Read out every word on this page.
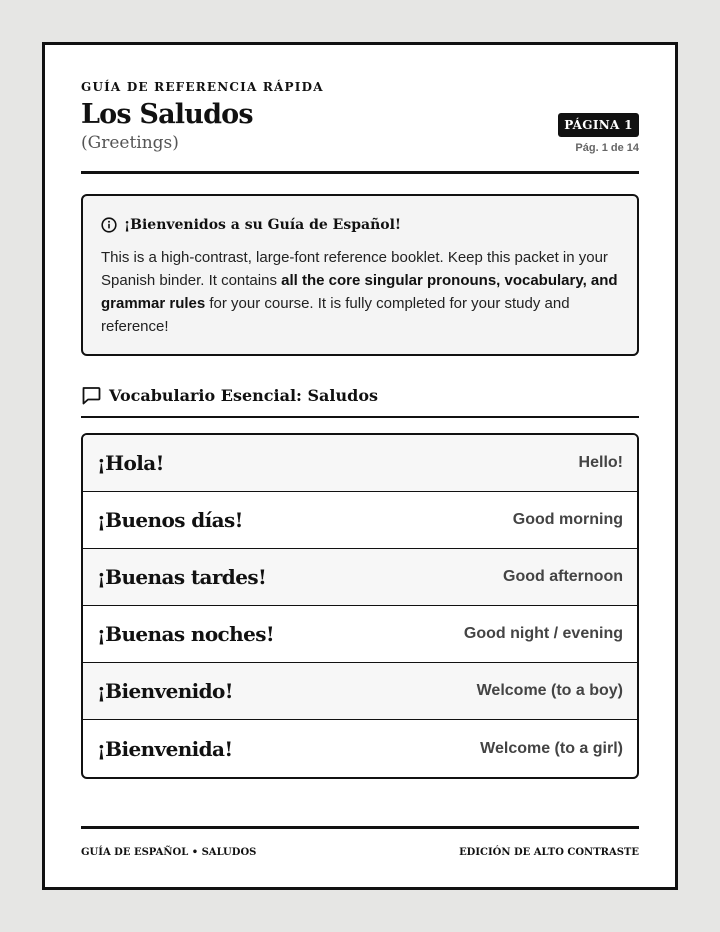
GUÍA DE REFERENCIA RÁPIDA
Los Saludos
(Greetings)
PÁGINA 1
Pág. 1 de 14
¡Bienvenidos a su Guía de Español!
This is a high-contrast, large-font reference booklet. Keep this packet in your Spanish binder. It contains all the core singular pronouns, vocabulary, and grammar rules for your course. It is fully completed for your study and reference!
Vocabulario Esencial: Saludos
¡Hola!	Hello!
¡Buenos días!	Good morning
¡Buenas tardes!	Good afternoon
¡Buenas noches!	Good night / evening
¡Bienvenido!	Welcome (to a boy)
¡Bienvenida!	Welcome (to a girl)
GUÍA DE ESPAÑOL • SALUDOS	EDICIÓN DE ALTO CONTRASTE
